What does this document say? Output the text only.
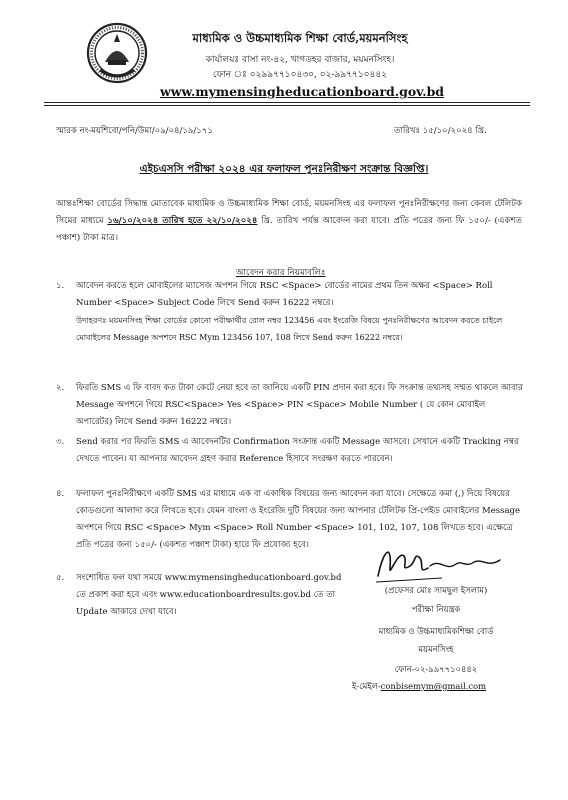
মাধ্যমিক ও উচ্চমাধ্যমিক শিক্ষা বোর্ড,ময়মনসিংহ
কার্যালয়ঃ বাসা নং-৪২, খাগডহর বাজার, ময়মনসিংহ।
ফোন ঃ ০২৯৯৭৭১০৪৩০, ০২-৯৯৭৭১০৪৪২
www.mymensingheducationboard.gov.bd
স্মারক নং-ময়শিবো/পনি/উমা/০৯/০৪/১৯/১৭১	তারিখঃ ১৫/১০/২০২৪ খ্রি.
এইচএসসি পরীক্ষা ২০২৪ এর ফলাফল পুনঃনিরীক্ষণ সংক্রান্ত বিজ্ঞপ্তি।
আন্তঃশিক্ষা বোর্ডের সিদ্ধান্ত মোতাবেক মাধ্যমিক ও উচ্চমাধ্যমিক শিক্ষা বোর্ড, ময়মনসিংহ এর ফলাফল পুনঃনিরীক্ষণের জন্য কেবল টেলিটক সিমের মাধ্যমে ১৬/১০/২০২৪ তারিখ হতে ২২/১০/২০২৪ খ্রি. তারিখ পর্যন্ত আবেদন করা যাবে। প্রতি পত্রের জন্য ফি ১৫০/- (একশত পঞ্চাশ) টাকা মাত্র।
আবেদন করার নিয়মাবলিঃ
১.	আবেদন করতে হলে মোবাইলের ম্যাসেজ অপশন গিয়ে RSC <Space> বোর্ডের নামের প্রথম তিন অক্ষর <Space> Roll Number <Space> Subject Code লিখে Send করুন 16222 নম্বরে।
উদাহরণঃ ময়মনসিংহ শিক্ষা বোর্ডের কোনো পরীক্ষার্থীর রোল নম্বর 123456 এবং ইংরেজি বিষয়ে পুনঃনিরীক্ষণের আবেদন করতে চাইলে মোবাইলের Message অপশনে RSC Mym 123456 107, 108 লিখে Send করুন 16222 নম্বরে।
২.	ফিরতি SMS এ ফি বাবদ কত টাকা কেটে নেয়া হবে তা জানিয়ে একটি PIN প্রদান করা হবে। ফি সংক্রান্ত তথ্যসহ সম্মত থাকলে আবার Message অপশনে গিয়ে RSC<Space> Yes <Space> PIN <Space> Mobile Number ( যে কোন মোবাইল অপারেটর) লিখে Send করুন 16222 নম্বরে।
৩.	Send করার পর ফিরতি SMS এ আবেদনটির Confirmation সংক্রান্ত একটি Message আসবে। সেখানে একটি Tracking নম্বর দেখতে পাবেন। যা আপনার আবেদন গ্রহণ করার Reference হিসাবে সংরক্ষণ করতে পারবেন।
৪.	ফলাফল পুনঃনিরীক্ষণে একটি SMS এর মাধ্যমে এক বা একাধিক বিষয়ের জন্য আবেদন করা যাবে। সেক্ষেত্রে কমা (,) দিয়ে বিষয়ের কোডগুলো আলাদা করে লিখতে হবে। যেমন বাংলা ও ইংরেজি দুটি বিষয়ের জন্য আপনার টেলিটক প্রি-পেইড মোবাইলের Message অপশনে গিয়ে RSC <Space> Mym <Space> Roll Number <Space> 101, 102, 107, 108 লিখতে হবে। এক্ষেত্রে প্রতি পত্রের জন্য ১৫০/- (একশত পঞ্চাশ টাকা) হারে ফি প্রযোজ্য হবে।
৫.	সংশোধিত ফল যথা সময়ে www.mymensingheducationboard.gov.bd তে প্রকাশ করা হবে এবং www.educationboardresults.gov.bd তে তা Update আকারে দেখা যাবে।
(প্রফেসর মোঃ সামছুল ইসলাম)
পরীক্ষা নিয়ন্ত্রক
মাধ্যমিক ও উচ্চমাধ্যমিকশিক্ষা বোর্ড
ময়মনসিংহ
ফোন-০২-৯৯৭৭১০৪৪২
ই-মেইল-conbisemym@gmail.com
